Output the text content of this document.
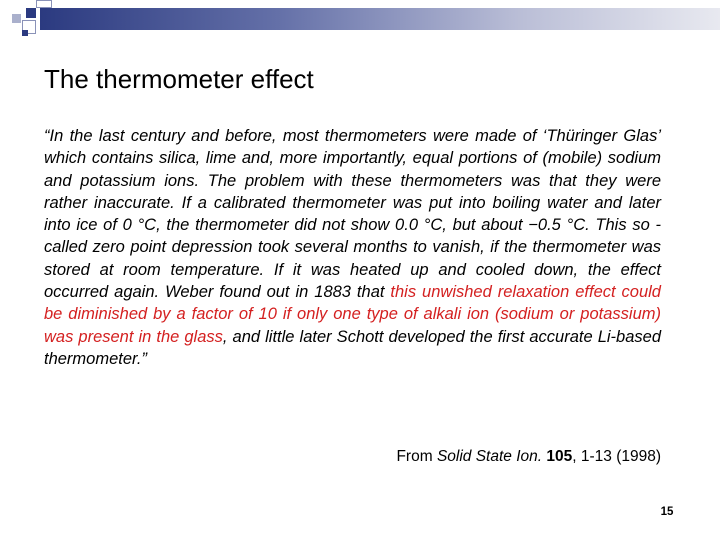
The thermometer effect

“In the last century and before, most thermometers were made of ‘Thüringer Glas’ which contains silica, lime and, more importantly, equal portions of (mobile) sodium and potassium ions. The problem with these thermometers was that they were rather inaccurate. If a calibrated thermometer was put into boiling water and later into ice of 0 °C, the thermometer did not show 0.0 °C, but about −0.5 °C. This so -called zero point depression took several months to vanish, if the thermometer was stored at room temperature. If it was heated up and cooled down, the effect occurred again. Weber found out in 1883 that this unwished relaxation effect could be diminished by a factor of 10 if only one type of alkali ion (sodium or potassium) was present in the glass, and little later Schott developed the first accurate Li-based thermometer.”

From Solid State Ion. 105, 1-13 (1998)

15
